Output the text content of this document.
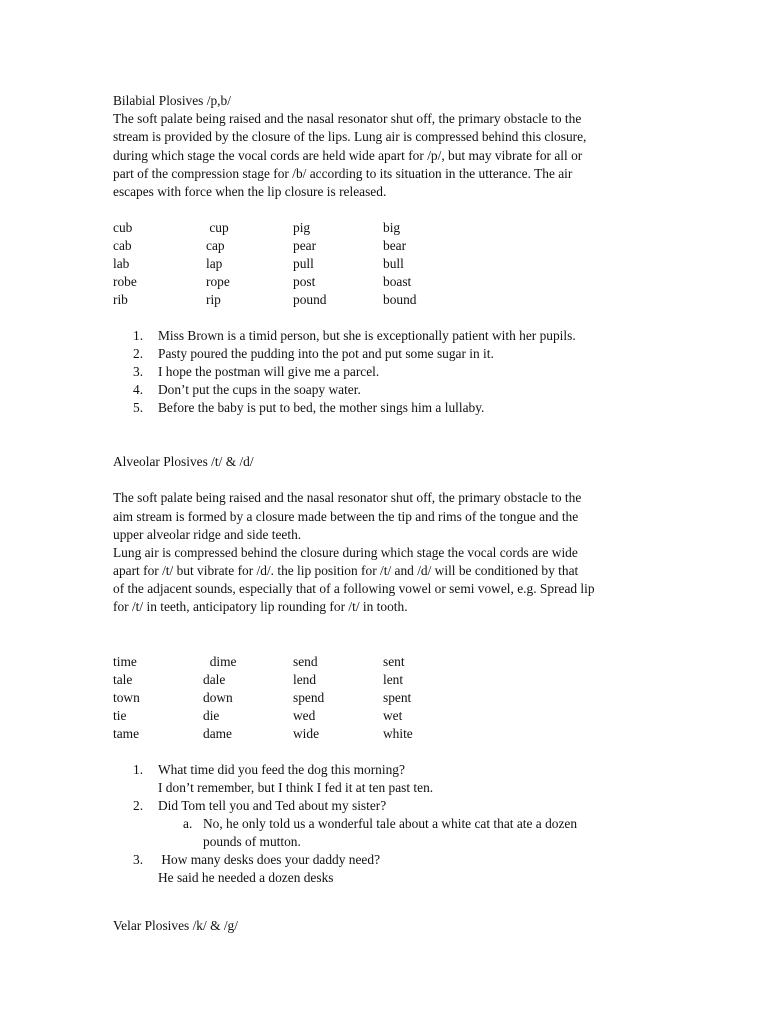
Bilabial Plosives /p,b/
The soft palate being raised and the nasal resonator shut off, the primary obstacle to the
stream is provided by the closure of the lips. Lung air is compressed behind this closure,
during which stage the vocal cords are held wide apart for /p/, but may vibrate for all or
part of the compression stage for /b/ according to its situation in the utterance. The air
escapes with force when the lip closure is released.
cub	cup	pig	big
cab	cap	pear	bear
lab	lap	pull	bull
robe	rope	post	boast
rib	rip	pound	bound
1. Miss Brown is a timid person, but she is exceptionally patient with her pupils.
2. Pasty poured the pudding into the pot and put some sugar in it.
3. I hope the postman will give me a parcel.
4. Don’t put the cups in the soapy water.
5. Before the baby is put to bed, the mother sings him a lullaby.
Alveolar Plosives /t/ & /d/
The soft palate being raised and the nasal resonator shut off, the primary obstacle to the
aim stream is formed by a closure made between the tip and rims of the tongue and the
upper alveolar ridge and side teeth.
Lung air is compressed behind the closure during which stage the vocal cords are wide
apart for /t/ but vibrate for /d/. the lip position for /t/ and /d/ will be conditioned by that
of the adjacent sounds, especially that of a following vowel or semi vowel, e.g. Spread lip
for /t/ in teeth, anticipatory lip rounding for /t/ in tooth.
time	dime	send	sent
tale	dale	lend	lent
town	down	spend	spent
tie	die	wed	wet
tame	dame	wide	white
1. What time did you feed the dog this morning?
I don’t remember, but I think I fed it at ten past ten.
2. Did Tom tell you and Ted about my sister?
a. No, he only told us a wonderful tale about a white cat that ate a dozen
pounds of mutton.
3. How many desks does your daddy need?
He said he needed a dozen desks
Velar Plosives /k/ & /g/
